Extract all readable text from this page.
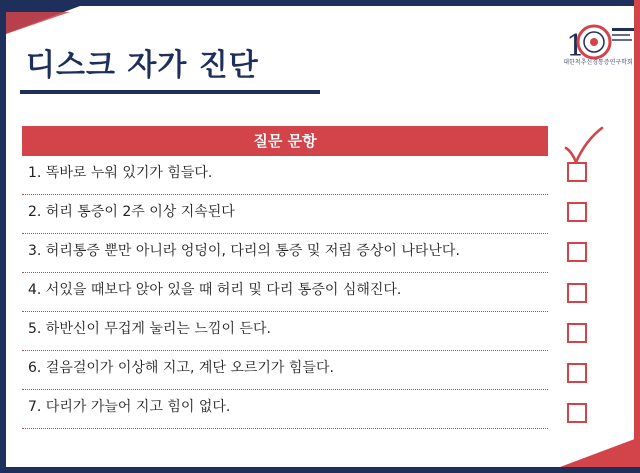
디스크 자가 진단
1
대한척추신경통증연구학회
질문 문항
1. 똑바로 누워 있기가 힘들다.
2. 허리 통증이 2주 이상 지속된다
3. 허리통증 뿐만 아니라 엉덩이, 다리의 통증 및 저림 증상이 나타난다.
4. 서있을 때보다 앉아 있을 때 허리 및 다리 통증이 심해진다.
5. 하반신이 무겁게 눌리는 느낌이 든다.
6. 걸음걸이가 이상해 지고, 계단 오르기가 힘들다.
7. 다리가 가늘어 지고 힘이 없다.
